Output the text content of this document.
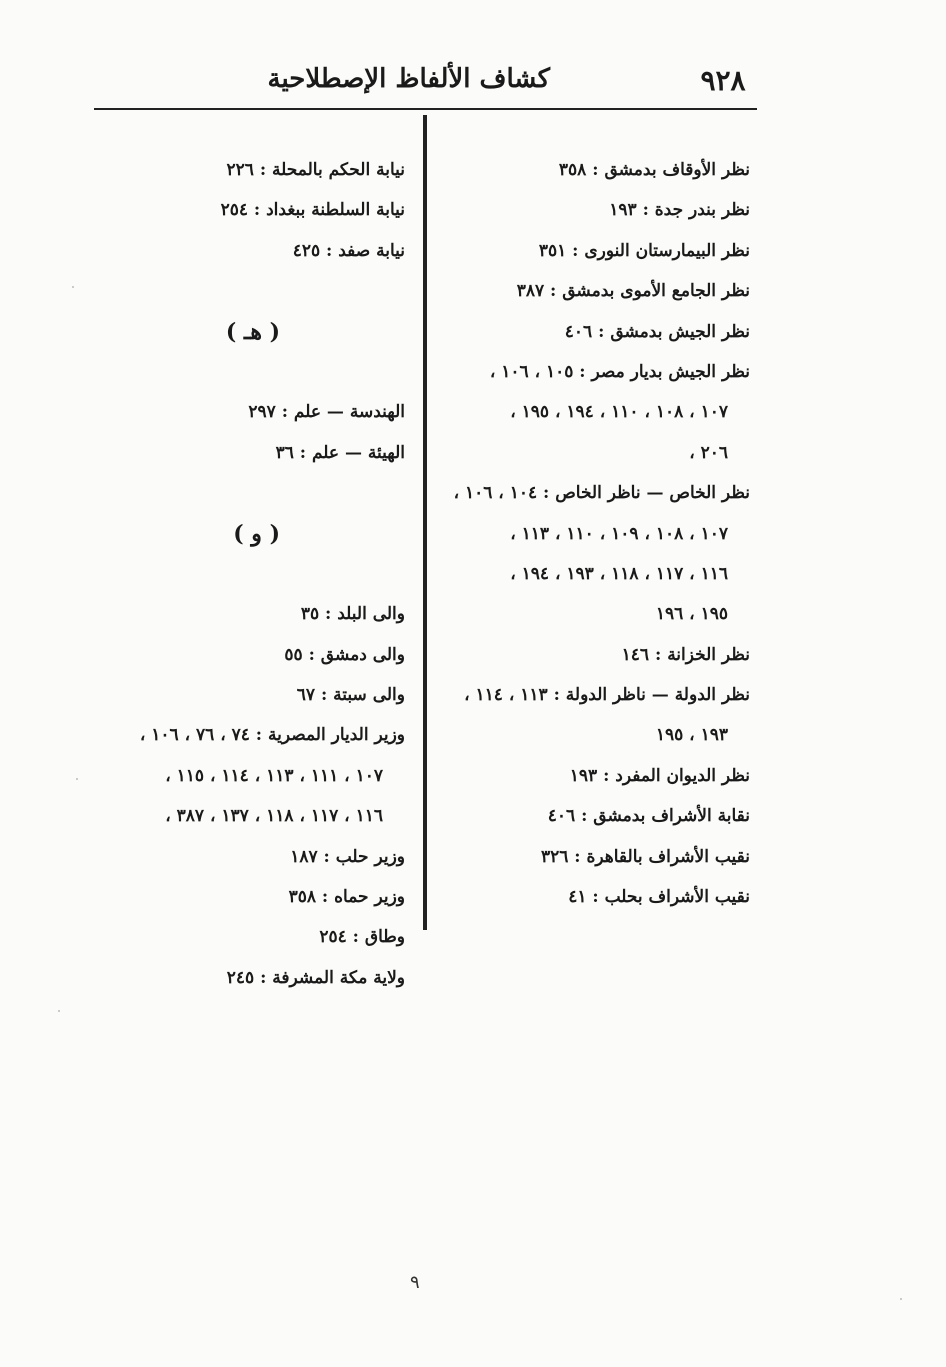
كشاف الألفاظ الإصطلاحية	٩٢٨
نظر الأوقاف بدمشق : ٣٥٨
نظر بندر جدة : ١٩٣
نظر البيمارستان النورى : ٣٥١
نظر الجامع الأموى بدمشق : ٣٨٧
نظر الجيش بدمشق : ٤٠٦
نظر الجيش بديار مصر : ١٠٥ ، ١٠٦ ،
١٠٧ ، ١٠٨ ، ١١٠ ، ١٩٤ ، ١٩٥ ،
٢٠٦ ،
نظر الخاص — ناظر الخاص : ١٠٤ ، ١٠٦ ،
١٠٧ ، ١٠٨ ، ١٠٩ ، ١١٠ ، ١١٣ ،
١١٦ ، ١١٧ ، ١١٨ ، ١٩٣ ، ١٩٤ ،
١٩٥ ، ١٩٦
نظر الخزانة : ١٤٦
نظر الدولة — ناظر الدولة : ١١٣ ، ١١٤ ،
١٩٣ ، ١٩٥
نظر الديوان المفرد : ١٩٣
نقابة الأشراف بدمشق : ٤٠٦
نقيب الأشراف بالقاهرة : ٣٢٦
نقيب الأشراف بحلب : ٤١
نيابة الحكم بالمحلة : ٢٢٦
نيابة السلطنة ببغداد : ٢٥٤
نيابة صفد : ٤٢٥
( هـ )
الهندسة — علم : ٢٩٧
الهيئة — علم : ٣٦
( و )
والى البلد : ٣٥
والى دمشق : ٥٥
والى سبتة : ٦٧
وزير الديار المصرية : ٧٤ ، ٧٦ ، ١٠٦ ،
١٠٧ ، ١١١ ، ١١٣ ، ١١٤ ، ١١٥ ،
١١٦ ، ١١٧ ، ١١٨ ، ١٣٧ ، ٣٨٧ ،
وزير حلب : ١٨٧
وزير حماه : ٣٥٨
وطاق : ٢٥٤
ولاية مكة المشرفة : ٢٤٥
٩
